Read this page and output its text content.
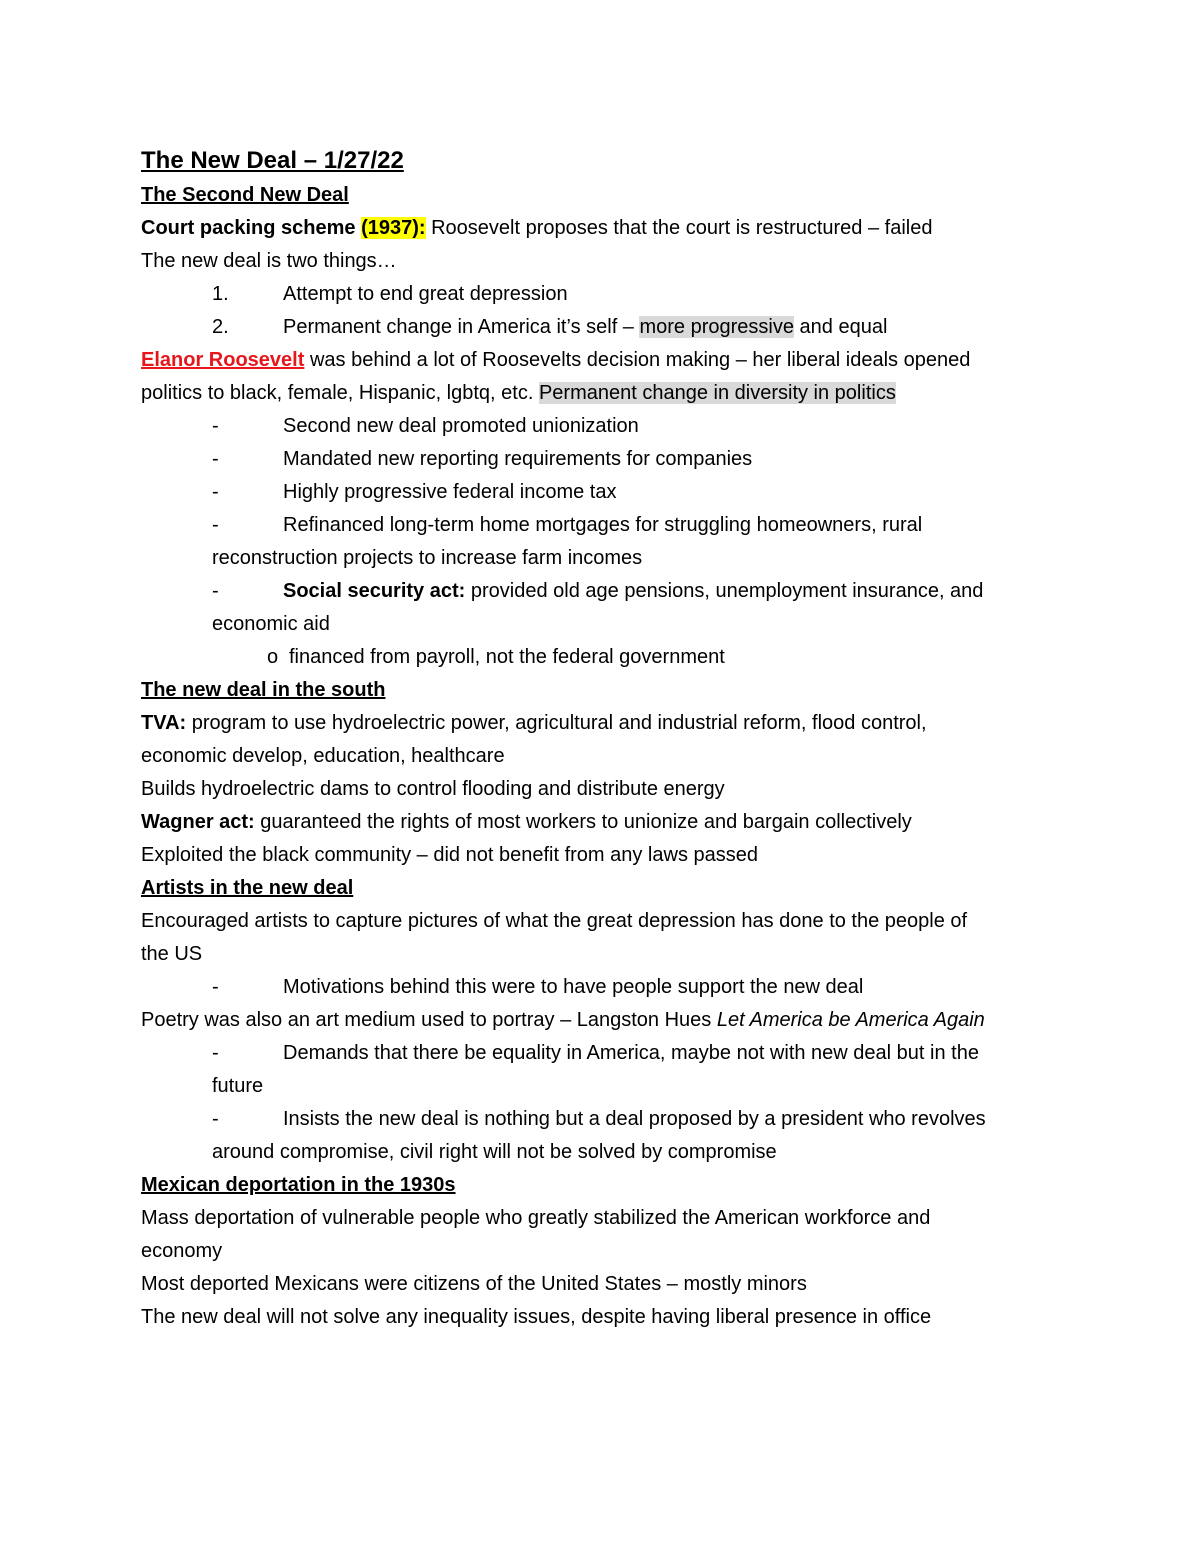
The New Deal – 1/27/22
The Second New Deal
Court packing scheme (1937): Roosevelt proposes that the court is restructured – failed
The new deal is two things…
1.	Attempt to end great depression
2.	Permanent change in America it’s self – more progressive and equal
Elanor Roosevelt was behind a lot of Roosevelts decision making – her liberal ideals opened
politics to black, female, Hispanic, lgbtq, etc. Permanent change in diversity in politics
-	Second new deal promoted unionization
-	Mandated new reporting requirements for companies
-	Highly progressive federal income tax
-	Refinanced long-term home mortgages for struggling homeowners, rural
reconstruction projects to increase farm incomes
-	Social security act: provided old age pensions, unemployment insurance, and
economic aid
o financed from payroll, not the federal government
The new deal in the south
TVA: program to use hydroelectric power, agricultural and industrial reform, flood control,
economic develop, education, healthcare
Builds hydroelectric dams to control flooding and distribute energy
Wagner act: guaranteed the rights of most workers to unionize and bargain collectively
Exploited the black community – did not benefit from any laws passed
Artists in the new deal
Encouraged artists to capture pictures of what the great depression has done to the people of
the US
-	Motivations behind this were to have people support the new deal
Poetry was also an art medium used to portray – Langston Hues Let America be America Again
-	Demands that there be equality in America, maybe not with new deal but in the
future
-	Insists the new deal is nothing but a deal proposed by a president who revolves
around compromise, civil right will not be solved by compromise
Mexican deportation in the 1930s
Mass deportation of vulnerable people who greatly stabilized the American workforce and
economy
Most deported Mexicans were citizens of the United States – mostly minors
The new deal will not solve any inequality issues, despite having liberal presence in office
